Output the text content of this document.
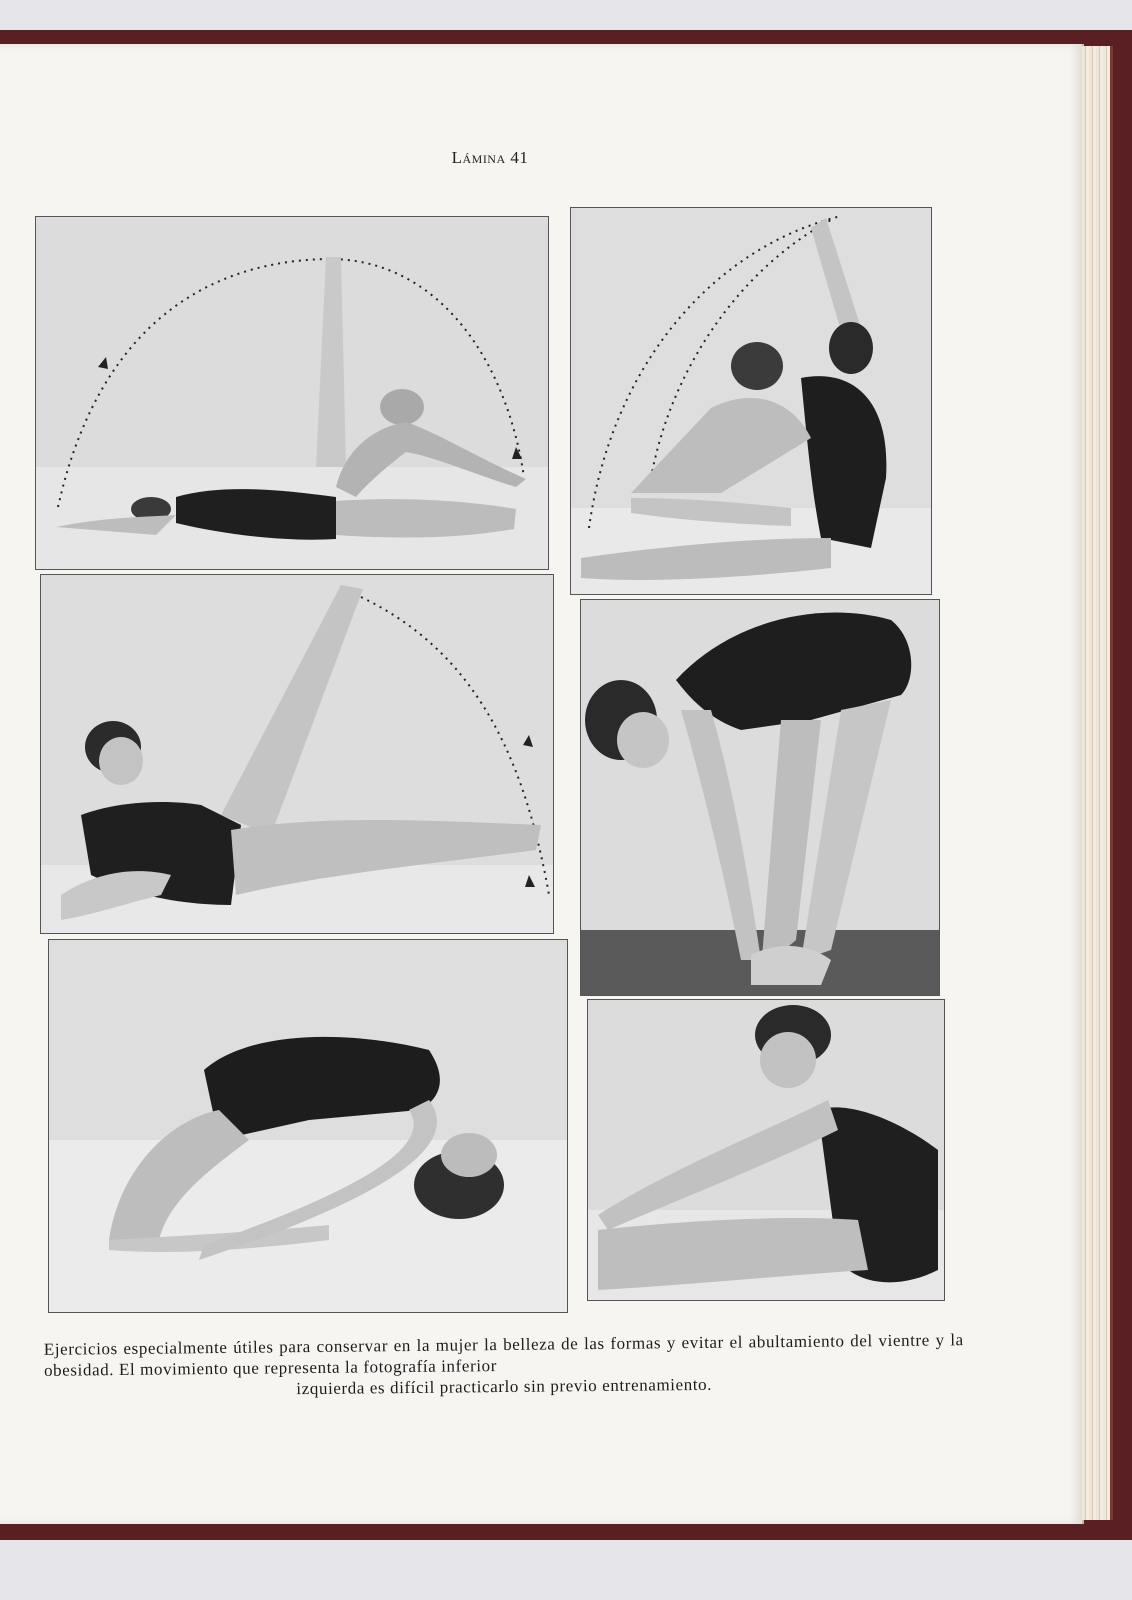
Lámina 41
Ejercicios especialmente útiles para conservar en la mujer la belleza de las formas y evitar el abultamiento del vientre y la obesidad. El movimiento que representa la fotografía inferior
izquierda es difícil practicarlo sin previo entrenamiento.
